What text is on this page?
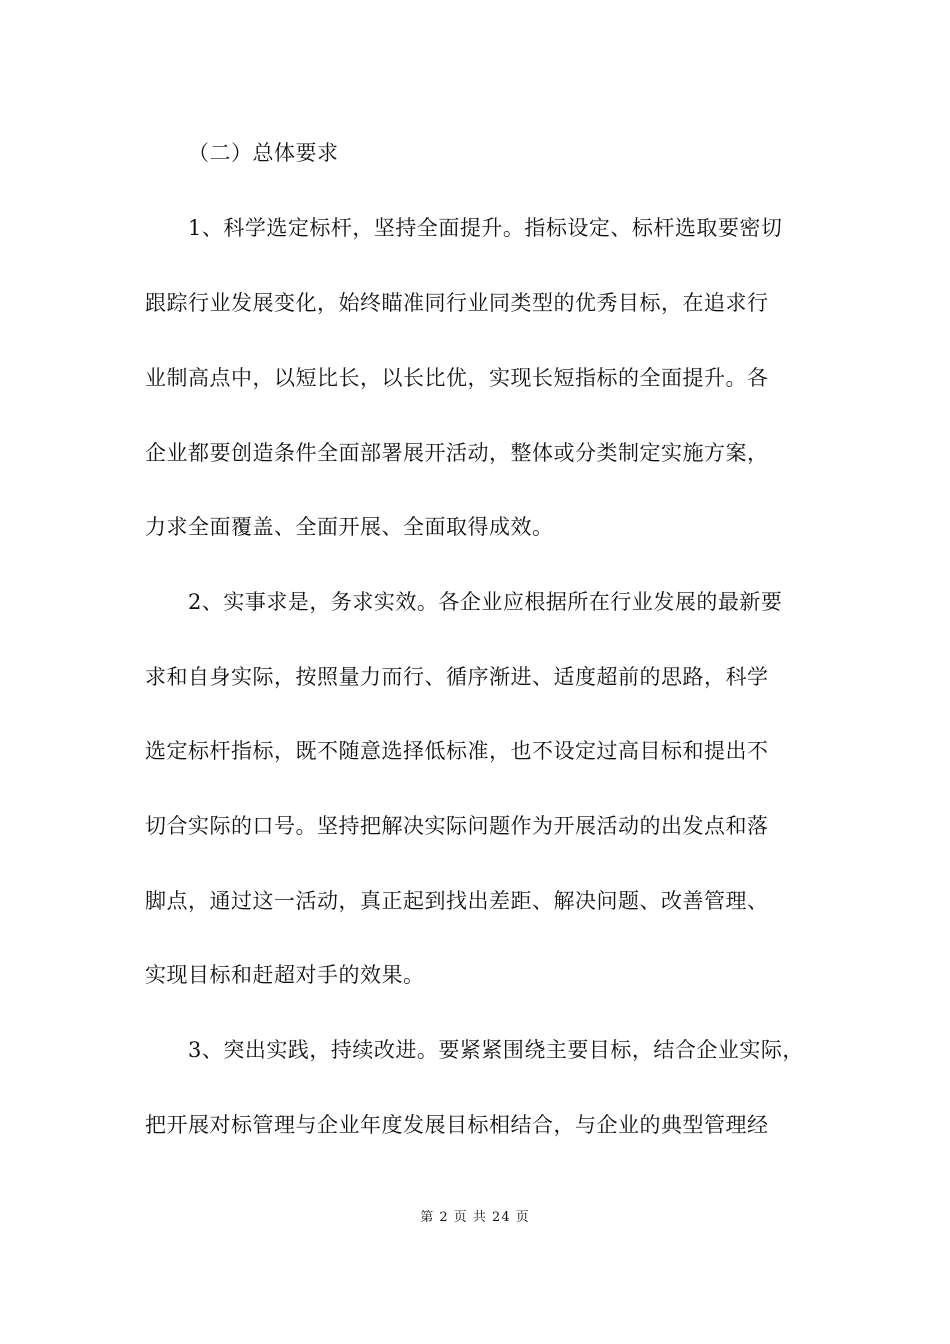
（二）总体要求
1、科学选定标杆，坚持全面提升。指标设定、标杆选取要密切
跟踪行业发展变化，始终瞄准同行业同类型的优秀目标，在追求行
业制高点中，以短比长，以长比优，实现长短指标的全面提升。各
企业都要创造条件全面部署展开活动，整体或分类制定实施方案，
力求全面覆盖、全面开展、全面取得成效。
2、实事求是，务求实效。各企业应根据所在行业发展的最新要
求和自身实际，按照量力而行、循序渐进、适度超前的思路，科学
选定标杆指标，既不随意选择低标准，也不设定过高目标和提出不
切合实际的口号。坚持把解决实际问题作为开展活动的出发点和落
脚点，通过这一活动，真正起到找出差距、解决问题、改善管理、
实现目标和赶超对手的效果。
3、突出实践，持续改进。要紧紧围绕主要目标，结合企业实际，
把开展对标管理与企业年度发展目标相结合，与企业的典型管理经
第 2 页 共 24 页
